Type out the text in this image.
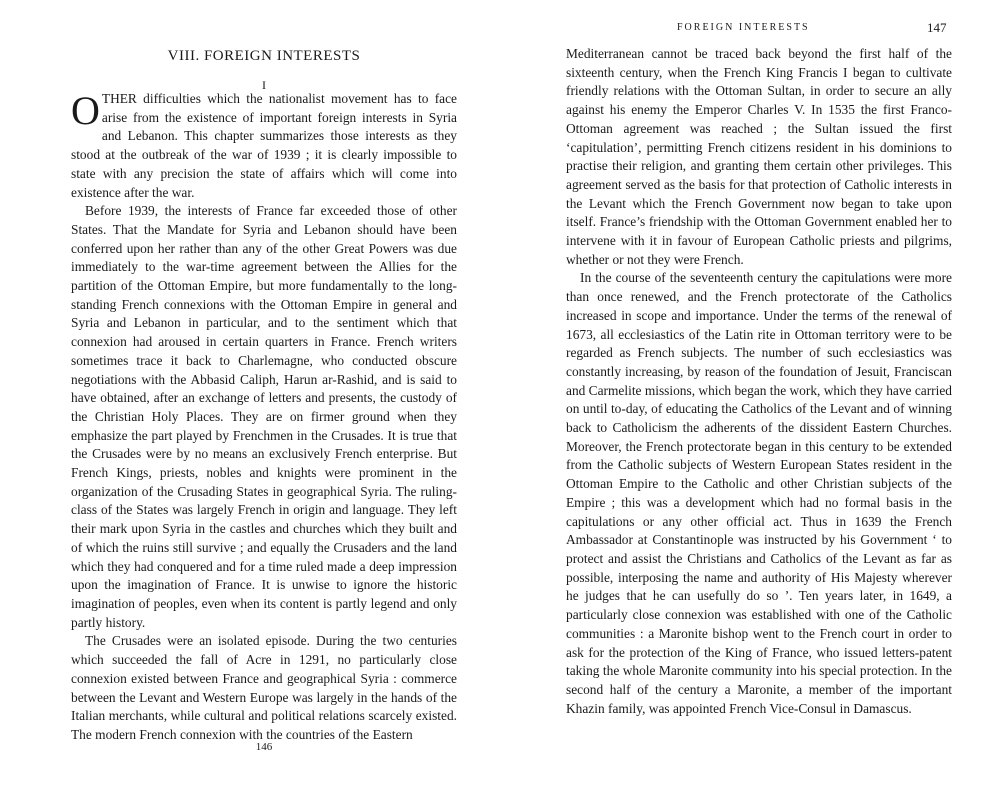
VIII. FOREIGN INTERESTS
I

OTHER difficulties which the nationalist movement has to face arise from the existence of important foreign interests in Syria and Lebanon. This chapter summarizes those interests as they stood at the outbreak of the war of 1939 ; it is clearly impossible to state with any precision the state of affairs which will come into existence after the war.

Before 1939, the interests of France far exceeded those of other States. That the Mandate for Syria and Lebanon should have been conferred upon her rather than any of the other Great Powers was due immediately to the war-time agreement between the Allies for the partition of the Ottoman Empire, but more fundamentally to the long-standing French connexions with the Ottoman Empire in general and Syria and Lebanon in particular, and to the sentiment which that connexion had aroused in certain quarters in France. French writers sometimes trace it back to Charlemagne, who conducted obscure negotiations with the Abbasid Caliph, Harun ar-Rashid, and is said to have obtained, after an exchange of letters and presents, the custody of the Christian Holy Places. They are on firmer ground when they emphasize the part played by Frenchmen in the Crusades. It is true that the Crusades were by no means an exclusively French enterprise. But French Kings, priests, nobles and knights were prominent in the organization of the Crusading States in geographical Syria. The ruling-class of the States was largely French in origin and language. They left their mark upon Syria in the castles and churches which they built and of which the ruins still survive ; and equally the Crusaders and the land which they had conquered and for a time ruled made a deep impression upon the imagination of France. It is unwise to ignore the historic imagination of peoples, even when its content is partly legend and only partly history.

The Crusades were an isolated episode. During the two centuries which succeeded the fall of Acre in 1291, no particularly close connexion existed between France and geographical Syria : commerce between the Levant and Western Europe was largely in the hands of the Italian merchants, while cultural and political relations scarcely existed. The modern French connexion with the countries of the Eastern

146
FOREIGN INTERESTS	147

Mediterranean cannot be traced back beyond the first half of the sixteenth century, when the French King Francis I began to cultivate friendly relations with the Ottoman Sultan, in order to secure an ally against his enemy the Emperor Charles V. In 1535 the first Franco-Ottoman agreement was reached ; the Sultan issued the first ‘capitulation’, permitting French citizens resident in his dominions to practise their religion, and granting them certain other privileges. This agreement served as the basis for that protection of Catholic interests in the Levant which the French Government now began to take upon itself. France’s friendship with the Ottoman Government enabled her to intervene with it in favour of European Catholic priests and pilgrims, whether or not they were French.

In the course of the seventeenth century the capitulations were more than once renewed, and the French protectorate of the Catholics increased in scope and importance. Under the terms of the renewal of 1673, all ecclesiastics of the Latin rite in Ottoman territory were to be regarded as French subjects. The number of such ecclesiastics was constantly increasing, by reason of the foundation of Jesuit, Franciscan and Carmelite missions, which began the work, which they have carried on until to-day, of educating the Catholics of the Levant and of winning back to Catholicism the adherents of the dissident Eastern Churches. Moreover, the French protectorate began in this century to be extended from the Catholic subjects of Western European States resident in the Ottoman Empire to the Catholic and other Christian subjects of the Empire ; this was a development which had no formal basis in the capitulations or any other official act. Thus in 1639 the French Ambassador at Constantinople was instructed by his Government ‘ to protect and assist the Christians and Catholics of the Levant as far as possible, interposing the name and authority of His Majesty wherever he judges that he can usefully do so ’. Ten years later, in 1649, a particularly close connexion was established with one of the Catholic communities : a Maronite bishop went to the French court in order to ask for the protection of the King of France, who issued letters-patent taking the whole Maronite community into his special protection. In the second half of the century a Maronite, a member of the important Khazin family, was appointed French Vice-Consul in Damascus.
